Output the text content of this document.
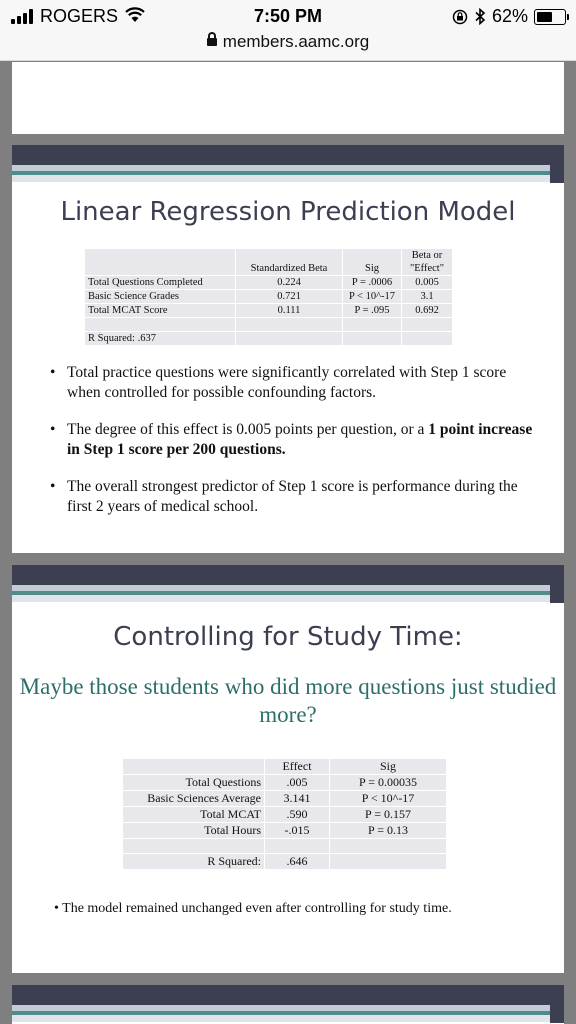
ROGERS	7:50 PM	62%
members.aamc.org
Linear Regression Prediction Model
	Standardized Beta	Sig	Beta or
"Effect"
Total Questions Completed	0.224	P = .0006	0.005
Basic Science Grades	0.721	P < 10^-17	3.1
Total MCAT Score	0.111	P = .095	0.692

R Squared: .637			
• Total practice questions were significantly correlated with Step 1 score when controlled for possible confounding factors.
• The degree of this effect is 0.005 points per question, or a 1 point increase in Step 1 score per 200 questions.
• The overall strongest predictor of Step 1 score is performance during the first 2 years of medical school.
Controlling for Study Time:
Maybe those students who did more questions just studied more?
	Effect	Sig
Total Questions	.005	P = 0.00035
Basic Sciences Average	3.141	P < 10^-17
Total MCAT	.590	P = 0.157
Total Hours	-.015	P = 0.13

R Squared:	.646	
• The model remained unchanged even after controlling for study time.
